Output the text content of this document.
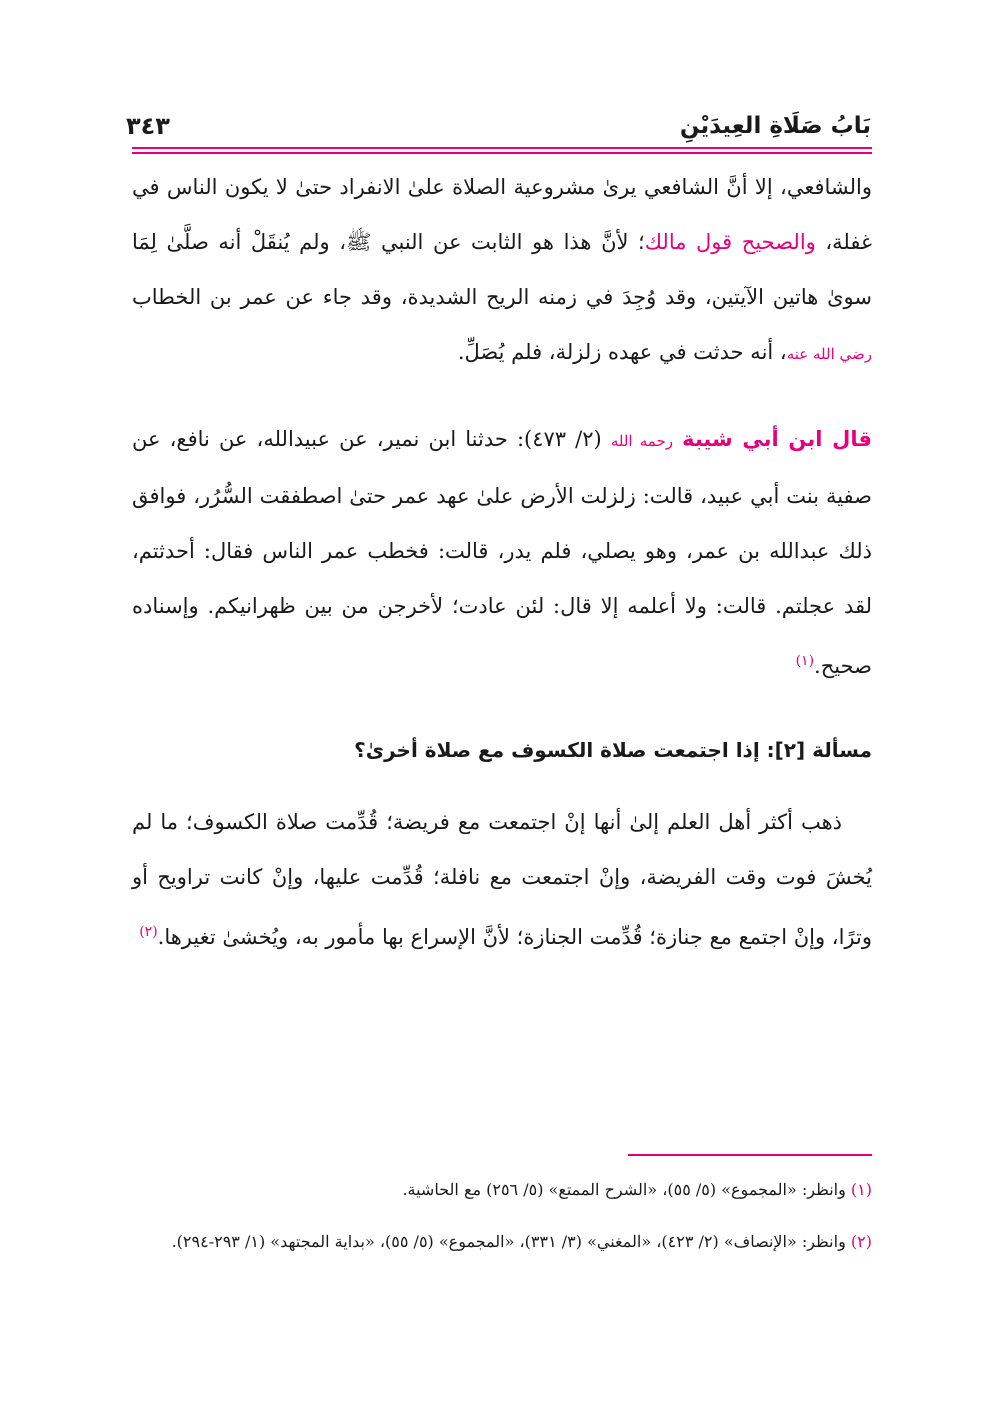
بَابُ صَلَاةِ العِيدَيْنِ
٣٤٣

والشافعي، إلا أنَّ الشافعي يرىٰ مشروعية الصلاة علىٰ الانفراد حتىٰ لا يكون الناس في غفلة، والصحيح قول مالك؛ لأنَّ هذا هو الثابت عن النبي ﷺ، ولم يُنقَلْ أنه صلَّىٰ لِمَا سوىٰ هاتين الآيتين، وقد وُجِدَ في زمنه الريح الشديدة، وقد جاء عن عمر بن الخطاب رضي الله عنه، أنه حدثت في عهده زلزلة، فلم يُصَلِّ.

قال ابن أبي شيبة رحمه الله (٢/ ٤٧٣): حدثنا ابن نمير، عن عبيدالله، عن نافع، عن صفية بنت أبي عبيد، قالت: زلزلت الأرض علىٰ عهد عمر حتىٰ اصطفقت السُّرُر، فوافق ذلك عبدالله بن عمر، وهو يصلي، فلم يدر، قالت: فخطب عمر الناس فقال: أحدثتم، لقد عجلتم. قالت: ولا أعلمه إلا قال: لئن عادت؛ لأخرجن من بين ظهرانيكم. وإسناده صحيح.$^{(١)}$

مسألة [٢]: إذا اجتمعت صلاة الكسوف مع صلاة أخرىٰ؟

ذهب أكثر أهل العلم إلىٰ أنها إنْ اجتمعت مع فريضة؛ قُدِّمت صلاة الكسوف؛ ما لم يُخشَ فوت وقت الفريضة، وإنْ اجتمعت مع نافلة؛ قُدِّمت عليها، وإنْ كانت تراويح أو وترًا، وإنْ اجتمع مع جنازة؛ قُدِّمت الجنازة؛ لأنَّ الإسراع بها مأمور به، ويُخشىٰ تغيرها.$^{(٢)}$

(١) وانظر: «المجموع» (٥/ ٥٥)، «الشرح الممتع» (٥/ ٢٥٦) مع الحاشية.

(٢) وانظر: «الإنصاف» (٢/ ٤٢٣)، «المغني» (٣/ ٣٣١)، «المجموع» (٥/ ٥٥)، «بداية المجتهد» (١/ ٢٩٣-٢٩٤).
